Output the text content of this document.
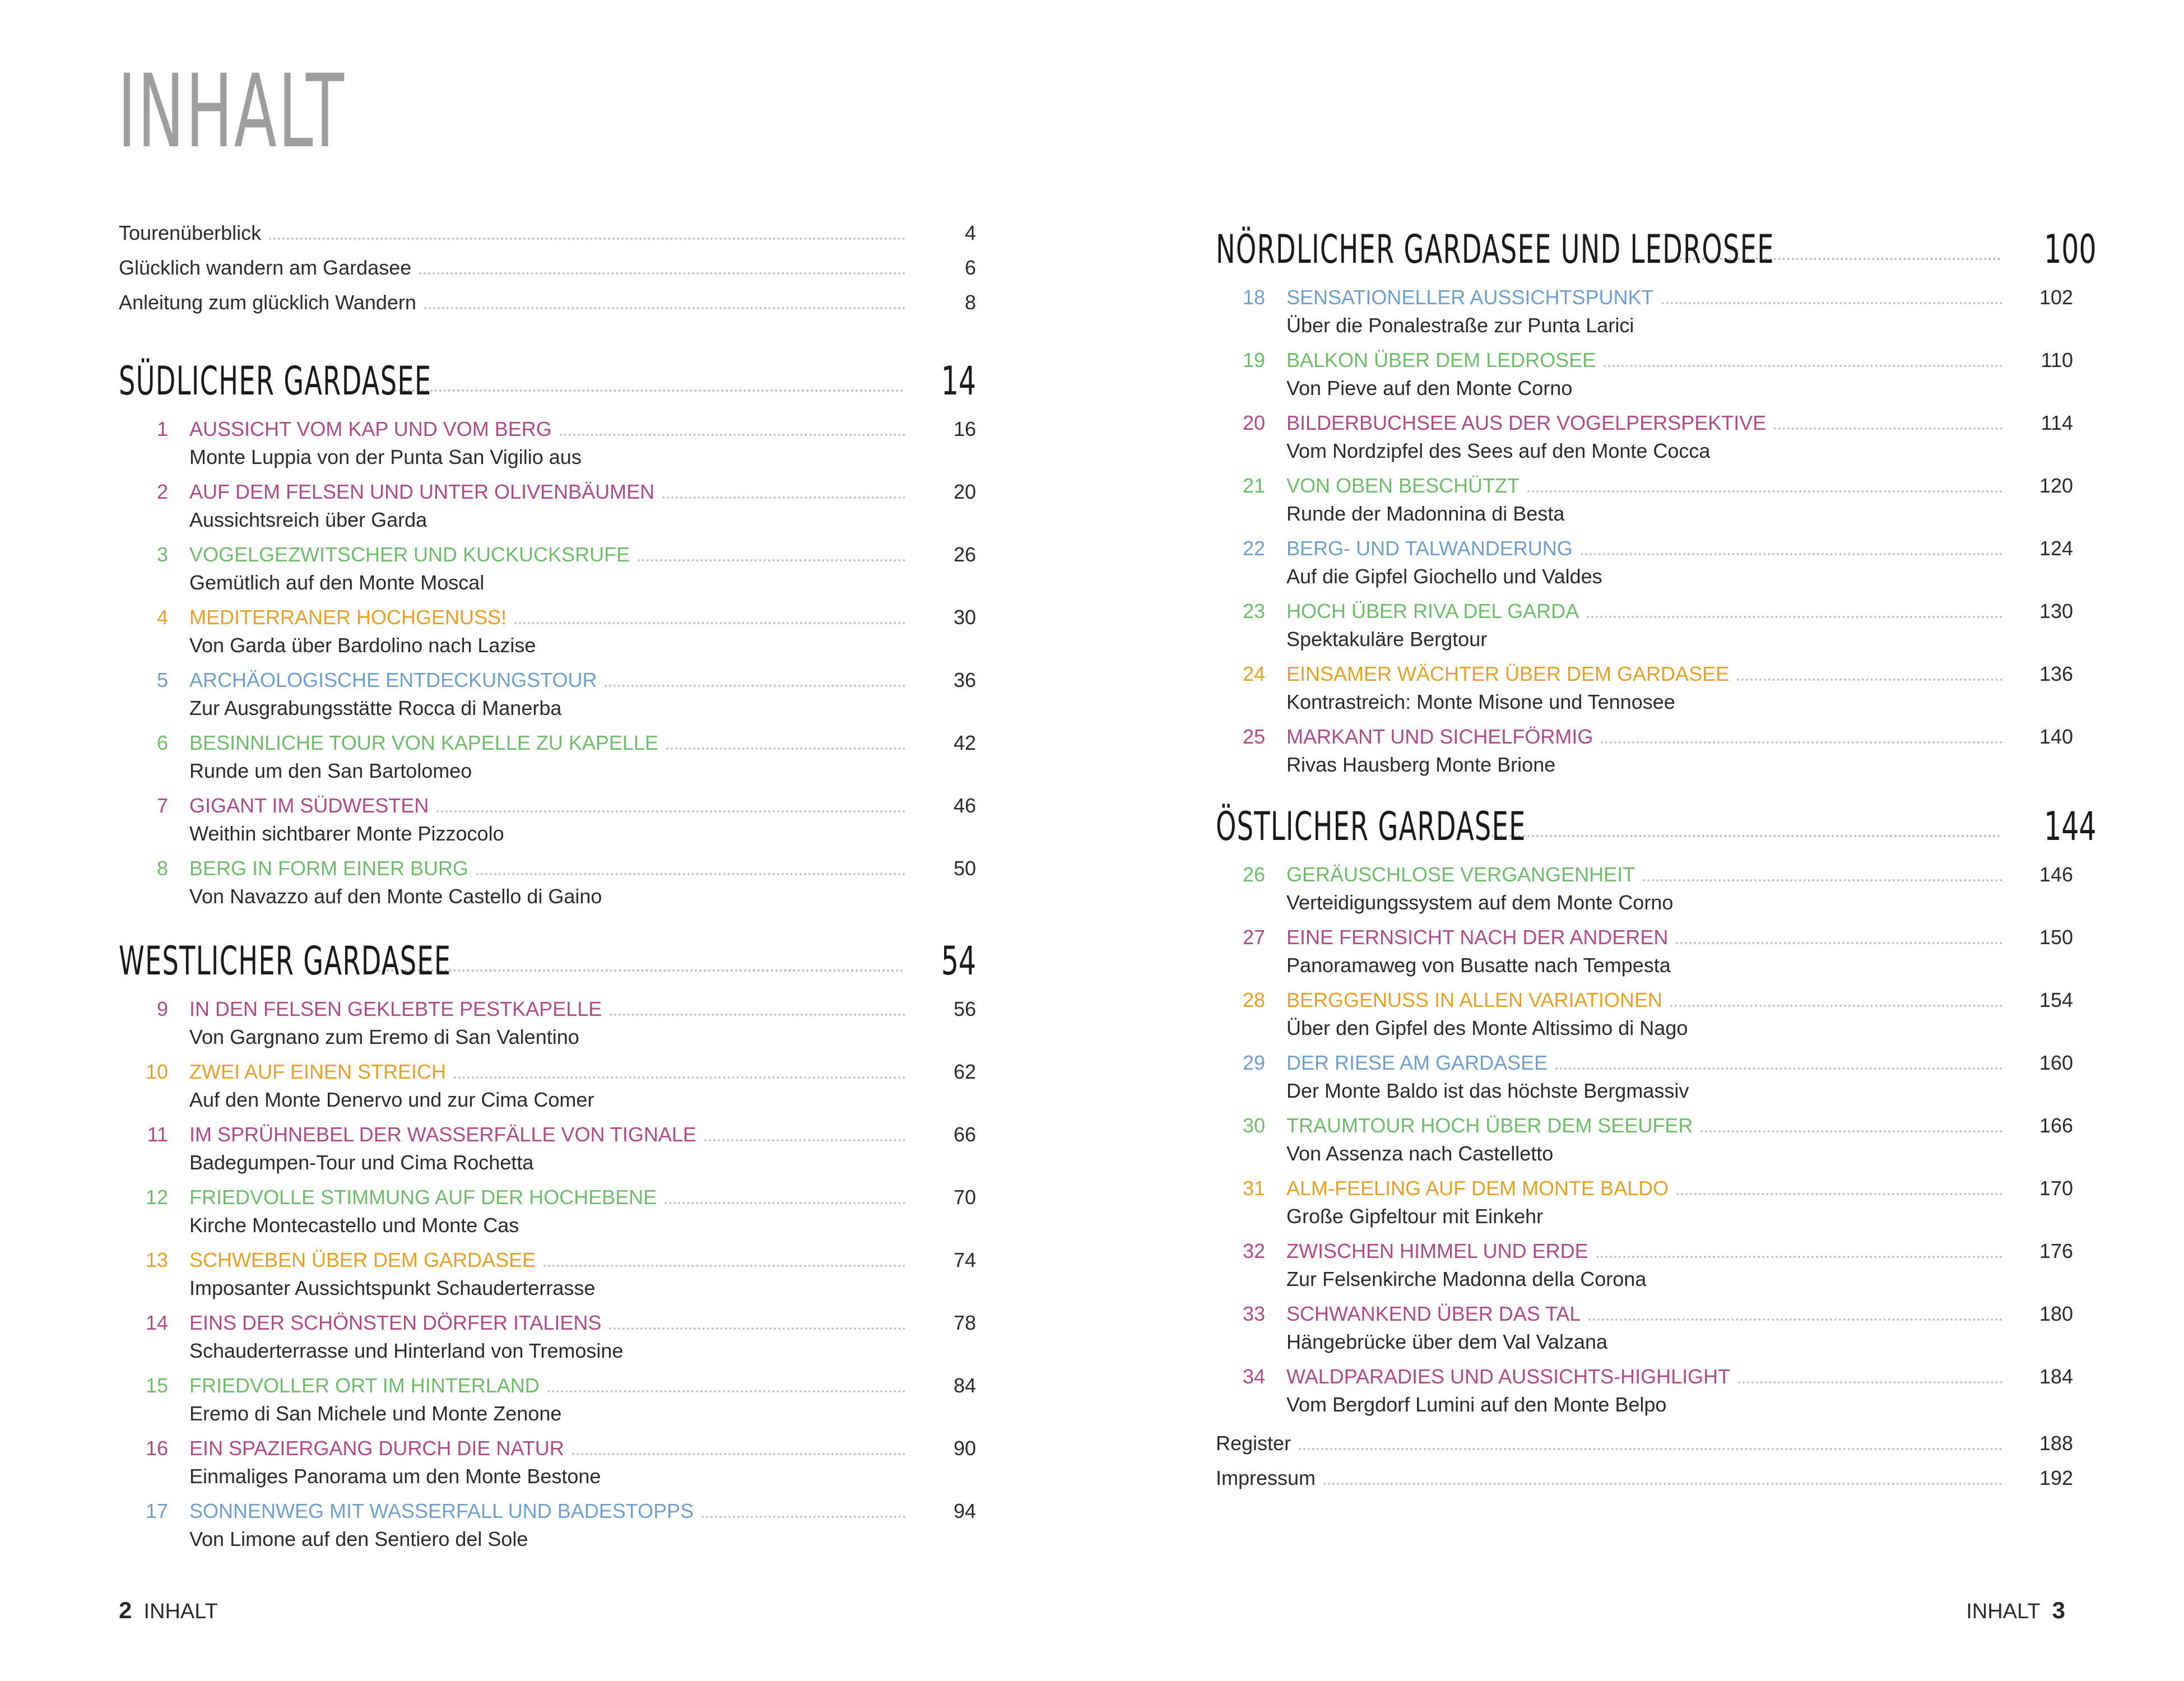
INHALT
Tourenüberblick	4
Glücklich wandern am Gardasee	6
Anleitung zum glücklich Wandern	8
SÜDLICHER GARDASEE	14
1	AUSSICHT VOM KAP UND VOM BERG	16
Monte Luppia von der Punta San Vigilio aus
2	AUF DEM FELSEN UND UNTER OLIVENBÄUMEN	20
Aussichtsreich über Garda
3	VOGELGEZWITSCHER UND KUCKUCKSRUFE	26
Gemütlich auf den Monte Moscal
4	MEDITERRANER HOCHGENUSS!	30
Von Garda über Bardolino nach Lazise
5	ARCHÄOLOGISCHE ENTDECKUNGSTOUR	36
Zur Ausgrabungsstätte Rocca di Manerba
6	BESINNLICHE TOUR VON KAPELLE ZU KAPELLE	42
Runde um den San Bartolomeo
7	GIGANT IM SÜDWESTEN	46
Weithin sichtbarer Monte Pizzocolo
8	BERG IN FORM EINER BURG	50
Von Navazzo auf den Monte Castello di Gaino
WESTLICHER GARDASEE	54
9	IN DEN FELSEN GEKLEBTE PESTKAPELLE	56
Von Gargnano zum Eremo di San Valentino
10	ZWEI AUF EINEN STREICH	62
Auf den Monte Denervo und zur Cima Comer
11	IM SPRÜHNEBEL DER WASSERFÄLLE VON TIGNALE	66
Badegumpen-Tour und Cima Rochetta
12	FRIEDVOLLE STIMMUNG AUF DER HOCHEBENE	70
Kirche Montecastello und Monte Cas
13	SCHWEBEN ÜBER DEM GARDASEE	74
Imposanter Aussichtspunkt Schauderterrasse
14	EINS DER SCHÖNSTEN DÖRFER ITALIENS	78
Schauderterrasse und Hinterland von Tremosine
15	FRIEDVOLLER ORT IM HINTERLAND	84
Eremo di San Michele und Monte Zenone
16	EIN SPAZIERGANG DURCH DIE NATUR	90
Einmaliges Panorama um den Monte Bestone
17	SONNENWEG MIT WASSERFALL UND BADESTOPPS	94
Von Limone auf den Sentiero del Sole
NÖRDLICHER GARDASEE UND LEDROSEE	100
18	SENSATIONELLER AUSSICHTSPUNKT	102
Über die Ponalestraße zur Punta Larici
19	BALKON ÜBER DEM LEDROSEE	110
Von Pieve auf den Monte Corno
20	BILDERBUCHSEE AUS DER VOGELPERSPEKTIVE	114
Vom Nordzipfel des Sees auf den Monte Cocca
21	VON OBEN BESCHÜTZT	120
Runde der Madonnina di Besta
22	BERG- UND TALWANDERUNG	124
Auf die Gipfel Giochello und Valdes
23	HOCH ÜBER RIVA DEL GARDA	130
Spektakuläre Bergtour
24	EINSAMER WÄCHTER ÜBER DEM GARDASEE	136
Kontrastreich: Monte Misone und Tennosee
25	MARKANT UND SICHELFÖRMIG	140
Rivas Hausberg Monte Brione
ÖSTLICHER GARDASEE	144
26	GERÄUSCHLOSE VERGANGENHEIT	146
Verteidigungssystem auf dem Monte Corno
27	EINE FERNSICHT NACH DER ANDEREN	150
Panoramaweg von Busatte nach Tempesta
28	BERGGENUSS IN ALLEN VARIATIONEN	154
Über den Gipfel des Monte Altissimo di Nago
29	DER RIESE AM GARDASEE	160
Der Monte Baldo ist das höchste Bergmassiv
30	TRAUMTOUR HOCH ÜBER DEM SEEUFER	166
Von Assenza nach Castelletto
31	ALM-FEELING AUF DEM MONTE BALDO	170
Große Gipfeltour mit Einkehr
32	ZWISCHEN HIMMEL UND ERDE	176
Zur Felsenkirche Madonna della Corona
33	SCHWANKEND ÜBER DAS TAL	180
Hängebrücke über dem Val Valzana
34	WALDPARADIES UND AUSSICHTS-HIGHLIGHT	184
Vom Bergdorf Lumini auf den Monte Belpo
Register	188
Impressum	192
2 INHALT	INHALT 3
